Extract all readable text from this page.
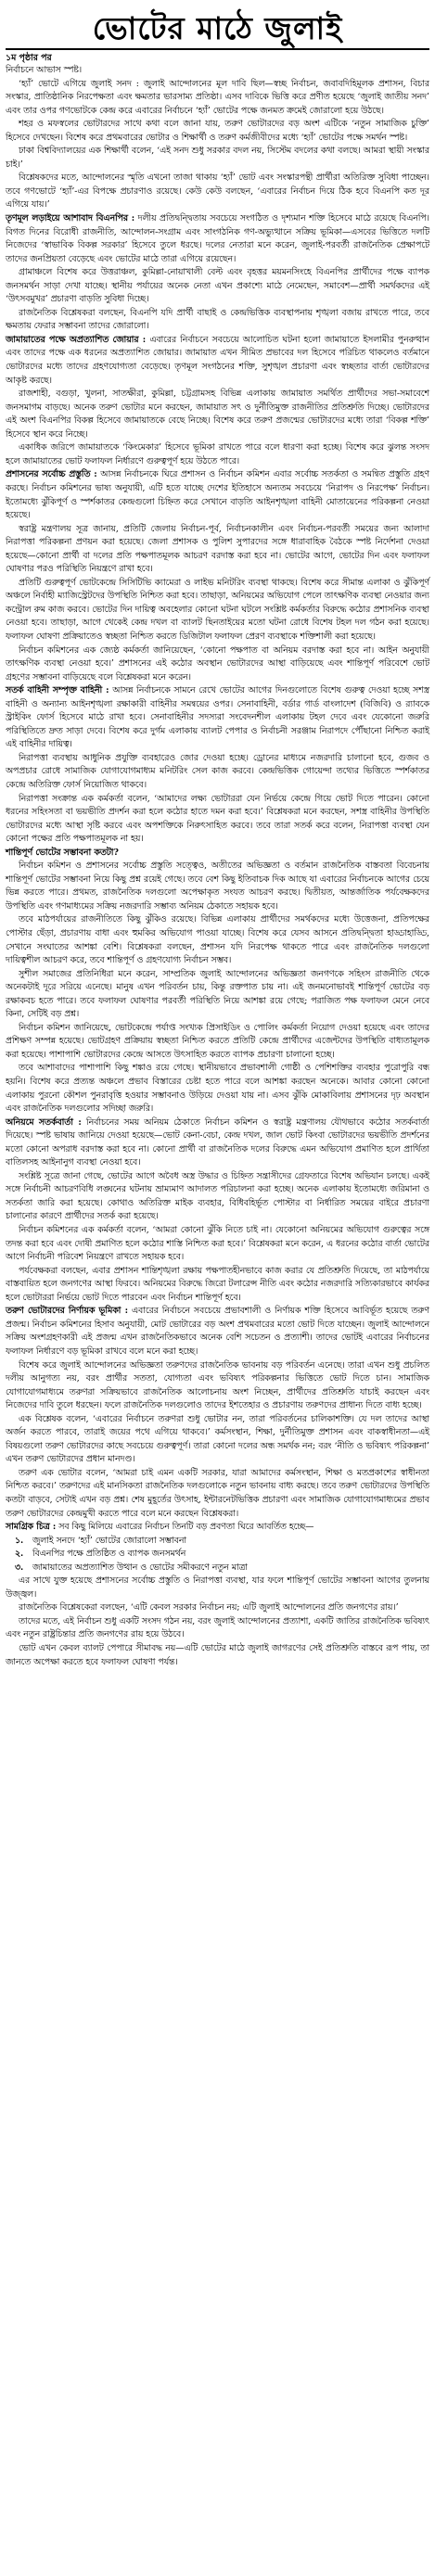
ভোটের মাঠে জুলাই
১ম পৃষ্ঠার পর

নির্বাচনে আভাস স্পষ্ট।

‘হ্যাঁ’ ভোটে এগিয়ে জুলাই সনদ : জুলাই আন্দোলনের মূল দাবি ছিল—স্বচ্ছ নির্বাচন, জবাবদিহিমূলক প্রশাসন, বিচার সংস্কার, প্রাতিষ্ঠানিক নিরপেক্ষতা এবং ক্ষমতার ভারসাম্য প্রতিষ্ঠা। এসব দাবিকে ভিত্তি করে প্রণীত হয়েছে ‘জুলাই জাতীয় সনদ’ এবং তার ওপর গণভোটকে কেন্দ্র করে এবারের নির্বাচনে ‘হ্যাঁ’ ভোটের পক্ষে জনমত ক্রমেই জোরালো হয়ে উঠছে।

শহর ও মফস্বলের ভোটারদের সাথে কথা বলে জানা যায়, তরুণ ভোটারদের বড় অংশ এটিকে ‘নতুন সামাজিক চুক্তি’ হিসেবে দেখছেন। বিশেষ করে প্রথমবারের ভোটার ও শিক্ষার্থী ও তরুণ কর্মজীবীদের মধ্যে ‘হ্যাঁ’ ভোটের পক্ষে সমর্থন স্পষ্ট।

ঢাকা বিশ্ববিদ্যালয়ের এক শিক্ষার্থী বলেন, ‘এই সনদ শুধু সরকার বদল নয়, সিস্টেম বদলের কথা বলছে। আমরা স্থায়ী সংস্কার চাই।’

বিশ্লেষকদের মতে, আন্দোলনের স্মৃতি এখনো তাজা থাকায় ‘হ্যাঁ’ ভোট এবং সংস্কারপন্থী প্রার্থীরা অতিরিক্ত সুবিধা পাচ্ছেন। তবে গণভোটে ‘হ্যাঁ’-এর বিপক্ষে প্রচারণাও রয়েছে। কেউ কেউ বলছেন, ‘এবারের নির্বাচন দিয়ে ঠিক হবে বিএনপি কত দূর এগিয়ে যায়।’

তৃণমূল লড়াইয়ে আশাবাদ বিএনপির : দলীয় প্রতিদ্বন্দ্বিতায় সবচেয়ে সংগঠিত ও দৃশ্যমান শক্তি হিসেবে মাঠে রয়েছে বিএনপি। বিগত দিনের বিরোধী রাজনীতি, আন্দোলন-সংগ্রাম এবং সাংগঠনিক গণ-অভ্যুত্থানে সক্রিয় ভূমিকা—এসবের ভিত্তিতে দলটি নিজেদের ‘স্বাভাবিক বিকল্প সরকার’ হিসেবে তুলে ধরছে। দলের নেতারা মনে করেন, জুলাই-পরবর্তী রাজনৈতিক প্রেক্ষাপটে তাদের জনপ্রিয়তা বেড়েছে এবং ভোটের মাঠে তারা এগিয়ে রয়েছেন।

গ্রামাঞ্চলে বিশেষ করে উত্তরাঞ্চল, কুমিল্লা-নোয়াখালী বেল্ট এবং বৃহত্তর ময়মনসিংহে বিএনপির প্রার্থীদের পক্ষে ব্যাপক জনসমর্থন সাড়া দেখা যাচ্ছে। স্থানীয় পর্যায়ের অনেক নেতা এখন প্রকাশ্যে মাঠে নেমেছেন, সমাবেশ—প্রার্থী সমর্থকদের এই ‘উৎসবমুখর’ প্রচারণা বাড়তি সুবিধা দিচ্ছে।

রাজনৈতিক বিশ্লেষকরা বলছেন, বিএনপি যদি প্রার্থী বাছাই ও কেন্দ্রভিত্তিক ব্যবস্থাপনায় শৃঙ্খলা বজায় রাখতে পারে, তবে ক্ষমতায় ফেরার সম্ভাবনা তাদের জোরালো।

জামায়াতের পক্ষে অপ্রত্যাশিত জোয়ার : এবারের নির্বাচনে সবচেয়ে আলোচিত ঘটনা হলো জামায়াতে ইসলামীর পুনরুত্থান এবং তাদের পক্ষে এক ধরনের অপ্রত্যাশিত জোয়ার। জামায়াত এখন সীমিত প্রভাবের দল হিসেবে পরিচিত থাকলেও বর্তমানে ভোটারদের মধ্যে তাদের গ্রহণযোগ্যতা বেড়েছে। তৃণমূল সংগঠনের শক্তি, সুশৃঙ্খল প্রচারণা এবং স্বচ্ছতার বার্তা ভোটারদের আকৃষ্ট করছে।

রাজশাহী, বগুড়া, খুলনা, সাতক্ষীরা, কুমিল্লা, চট্টগ্রামসহ বিভিন্ন এলাকায় জামায়াত সমর্থিত প্রার্থীদের সভা-সমাবেশে জনসমাগম বাড়ছে। অনেক তরুণ ভোটার মনে করছেন, জামায়াত সৎ ও দুর্নীতিমুক্ত রাজনীতির প্রতিশ্রুতি দিচ্ছে। ভোটারদের এই অংশ বিএনপির বিকল্প হিসেবে জামায়াতকে বেছে নিচ্ছে। বিশেষ করে তরুণ প্রজন্মের ভোটারদের মধ্যে তারা ‘বিকল্প শক্তি’ হিসেবে স্থান করে নিচ্ছে।

একাধিক জরিপে জামায়াতকে ‘কিংমেকার’ হিসেবে ভূমিকা রাখতে পারে বলে ধারণা করা হচ্ছে। বিশেষ করে ঝুলন্ত সংসদ হলে জামায়াতের ভোট ফলাফল নির্ধারণে গুরুত্বপূর্ণ হয়ে উঠতে পারে।

প্রশাসনের সর্বোচ্চ প্রস্তুতি : আসন্ন নির্বাচনকে ঘিরে প্রশাসন ও নির্বাচন কমিশন এবার সর্বোচ্চ সতর্কতা ও সমন্বিত প্রস্তুতি গ্রহণ করছে। নির্বাচন কমিশনের ভাষ্য অনুযায়ী, এটি হতে যাচ্ছে দেশের ইতিহাসে অন্যতম সবচেয়ে ‘নিরাপদ ও নিরপেক্ষ’ নির্বাচন। ইতোমধ্যে ঝুঁকিপূর্ণ ও স্পর্শকাতর কেন্দ্রগুলো চিহ্নিত করে সেখানে বাড়তি আইনশৃঙ্খলা বাহিনী মোতায়েনের পরিকল্পনা নেওয়া হয়েছে।

স্বরাষ্ট্র মন্ত্রণালয় সূত্র জানায়, প্রতিটি জেলায় নির্বাচন-পূর্ব, নির্বাচনকালীন এবং নির্বাচন-পরবর্তী সময়ের জন্য আলাদা নিরাপত্তা পরিকল্পনা প্রণয়ন করা হয়েছে। জেলা প্রশাসক ও পুলিশ সুপারদের সঙ্গে ধারাবাহিক বৈঠকে স্পষ্ট নির্দেশনা দেওয়া হয়েছে—কোনো প্রার্থী বা দলের প্রতি পক্ষপাতমূলক আচরণ বরদাস্ত করা হবে না। ভোটের আগে, ভোটের দিন এবং ফলাফল ঘোষণার পরও পরিস্থিতি নিয়ন্ত্রণে রাখা হবে।

প্রতিটি গুরুত্বপূর্ণ ভোটকেন্দ্রে সিসিটিভি ক্যামেরা ও লাইভ মনিটরিং ব্যবস্থা থাকছে। বিশেষ করে সীমান্ত এলাকা ও ঝুঁকিপূর্ণ অঞ্চলে নির্বাহী ম্যাজিস্ট্রেটদের উপস্থিতি নিশ্চিত করা হবে। তাছাড়া, অনিয়মের অভিযোগ পেলে তাৎক্ষণিক ব্যবস্থা নেওয়ার জন্য কন্ট্রোল রুম কাজ করবে। ভোটের দিন দায়িত্ব অবহেলার কোনো ঘটনা ঘটলে সংশ্লিষ্ট কর্মকর্তার বিরুদ্ধে কঠোর প্রশাসনিক ব্যবস্থা নেওয়া হবে। তাছাড়া, আগে থেকেই কেন্দ্র দখল বা ব্যালট ছিনতাইয়ের মতো ঘটনা রোধে বিশেষ টহল দল গঠন করা হয়েছে। ফলাফল ঘোষণা প্রক্রিয়াতেও স্বচ্ছতা নিশ্চিত করতে ডিজিটাল ফলাফল প্রেরণ ব্যবস্থাকে শক্তিশালী করা হয়েছে।

নির্বাচন কমিশনের এক জ্যেষ্ঠ কর্মকর্তা জানিয়েছেন, ‘কোনো পক্ষপাত বা অনিয়ম বরদাস্ত করা হবে না। আইন অনুযায়ী তাৎক্ষণিক ব্যবস্থা নেওয়া হবে।’ প্রশাসনের এই কঠোর অবস্থান ভোটারদের আস্থা বাড়িয়েছে এবং শান্তিপূর্ণ পরিবেশে ভোট গ্রহণের সম্ভাবনা বাড়িয়েছে বলে বিশ্লেষকরা মনে করেন।

সতর্ক বাহিনী সম্পৃক্ত বাহিনী : আসন্ন নির্বাচনকে সামনে রেখে ভোটের আগের দিনগুলোতে বিশেষ গুরুত্ব দেওয়া হচ্ছে সশস্ত্র বাহিনী ও অন্যান্য আইনশৃঙ্খলা রক্ষাকারী বাহিনীর সমন্বয়ের ওপর। সেনাবাহিনী, বর্ডার গার্ড বাংলাদেশ (বিজিবি) ও র‍্যাবকে স্ট্রাইকিং ফোর্স হিসেবে মাঠে রাখা হবে। সেনাবাহিনীর সদস্যরা সংবেদনশীল এলাকায় টহল দেবে এবং যেকোনো জরুরি পরিস্থিতিতে দ্রুত সাড়া দেবে। বিশেষ করে দুর্গম এলাকায় ব্যালট পেপার ও নির্বাচনী সরঞ্জাম নিরাপদে পৌঁছানো নিশ্চিত করাই এই বাহিনীর দায়িত্ব।

নিরাপত্তা ব্যবস্থায় আধুনিক প্রযুক্তি ব্যবহারেও জোর দেওয়া হচ্ছে। ড্রোনের মাধ্যমে নজরদারি চালানো হবে, গুজব ও অপপ্রচার রোধে সামাজিক যোগাযোগমাধ্যম মনিটরিং সেল কাজ করবে। কেন্দ্রভিত্তিক গোয়েন্দা তথ্যের ভিত্তিতে স্পর্শকাতর কেন্দ্রে অতিরিক্ত ফোর্স নিয়োজিত থাকবে।

নিরাপত্তা সংক্রান্ত এক কর্মকর্তা বলেন, ‘আমাদের লক্ষ্য ভোটাররা যেন নির্ভয়ে কেন্দ্রে গিয়ে ভোট দিতে পারেন। কোনো ধরনের সহিংসতা বা ভয়ভীতি প্রদর্শন করা হলে কঠোর হাতে দমন করা হবে।’ বিশ্লেষকরা মনে করছেন, সশস্ত্র বাহিনীর উপস্থিতি ভোটারদের মধ্যে আস্থা সৃষ্টি করবে এবং অপশক্তিকে নিরুৎসাহিত করবে। তবে তারা সতর্ক করে বলেন, নিরাপত্তা ব্যবস্থা যেন কোনো পক্ষের প্রতি পক্ষপাতমূলক না হয়।

শান্তিপূর্ণ ভোটের সম্ভাবনা কতটা?

নির্বাচন কমিশন ও প্রশাসনের সর্বোচ্চ প্রস্তুতি সত্ত্বেও, অতীতের অভিজ্ঞতা ও বর্তমান রাজনৈতিক বাস্তবতা বিবেচনায় শান্তিপূর্ণ ভোটের সম্ভাবনা নিয়ে কিছু প্রশ্ন রয়েই গেছে। তবে বেশ কিছু ইতিবাচক দিক আছে যা এবারের নির্বাচনকে আগের চেয়ে ভিন্ন করতে পারে। প্রথমত, রাজনৈতিক দলগুলো অপেক্ষাকৃত সংযত আচরণ করছে। দ্বিতীয়ত, আন্তর্জাতিক পর্যবেক্ষকদের উপস্থিতি এবং গণমাধ্যমের সক্রিয় নজরদারি সম্ভাব্য অনিয়ম ঠেকাতে সহায়ক হবে।

তবে মাঠপর্যায়ের রাজনীতিতে কিছু ঝুঁকিও রয়েছে। বিভিন্ন এলাকায় প্রার্থীদের সমর্থকদের মধ্যে উত্তেজনা, প্রতিপক্ষের পোস্টার ছেঁড়া, প্রচারণায় বাধা এবং হুমকির অভিযোগ পাওয়া যাচ্ছে। বিশেষ করে যেসব আসনে প্রতিদ্বন্দ্বিতা হাড্ডাহাড্ডি, সেখানে সংঘাতের আশঙ্কা বেশি। বিশ্লেষকরা বলছেন, প্রশাসন যদি নিরপেক্ষ থাকতে পারে এবং রাজনৈতিক দলগুলো দায়িত্বশীল আচরণ করে, তবে শান্তিপূর্ণ ও গ্রহণযোগ্য নির্বাচন সম্ভব।

সুশীল সমাজের প্রতিনিধিরা মনে করেন, সাম্প্রতিক জুলাই আন্দোলনের অভিজ্ঞতা জনগণকে সহিংস রাজনীতি থেকে অনেকটাই দূরে সরিয়ে এনেছে। মানুষ এখন পরিবর্তন চায়, কিন্তু রক্তপাত চায় না। এই জনমনোভাবই শান্তিপূর্ণ ভোটের বড় রক্ষাকবচ হতে পারে। তবে ফলাফল ঘোষণার পরবর্তী পরিস্থিতি নিয়ে আশঙ্কা রয়ে গেছে; পরাজিত পক্ষ ফলাফল মেনে নেবে কিনা, সেটিই বড় প্রশ্ন।

নির্বাচন কমিশন জানিয়েছে, ভোটকেন্দ্রে পর্যাপ্ত সংখ্যক প্রিসাইডিং ও পোলিং কর্মকর্তা নিয়োগ দেওয়া হয়েছে এবং তাদের প্রশিক্ষণ সম্পন্ন হয়েছে। ভোটগ্রহণ প্রক্রিয়ায় স্বচ্ছতা নিশ্চিত করতে প্রতিটি কেন্দ্রে প্রার্থীদের এজেন্টদের উপস্থিতি বাধ্যতামূলক করা হয়েছে। পাশাপাশি ভোটারদের কেন্দ্রে আসতে উৎসাহিত করতে ব্যাপক প্রচারণা চালানো হচ্ছে।

তবে আশাবাদের পাশাপাশি কিছু শঙ্কাও রয়ে গেছে। স্থানীয়ভাবে প্রভাবশালী গোষ্ঠী ও পেশিশক্তির ব্যবহার পুরোপুরি বন্ধ হয়নি। বিশেষ করে প্রত্যন্ত অঞ্চলে প্রভাব বিস্তারের চেষ্টা হতে পারে বলে আশঙ্কা করছেন অনেকে। আবার কোনো কোনো এলাকায় পুরনো কৌশল পুনরাবৃত্তি হওয়ার সম্ভাবনাও উড়িয়ে দেওয়া যায় না। এসব ঝুঁকি মোকাবিলায় প্রশাসনের দৃঢ় অবস্থান এবং রাজনৈতিক দলগুলোর সদিচ্ছা জরুরি।

অনিয়মে সতর্কবার্তা : নির্বাচনের সময় অনিয়ম ঠেকাতে নির্বাচন কমিশন ও স্বরাষ্ট্র মন্ত্রণালয় যৌথভাবে কঠোর সতর্কবার্তা দিয়েছে। স্পষ্ট ভাষায় জানিয়ে দেওয়া হয়েছে—ভোট কেনা-বেচা, কেন্দ্র দখল, জাল ভোট কিংবা ভোটারদের ভয়ভীতি প্রদর্শনের মতো কোনো অপরাধ বরদাস্ত করা হবে না। কোনো প্রার্থী বা রাজনৈতিক দলের বিরুদ্ধে এমন অভিযোগ প্রমাণিত হলে প্রার্থিতা বাতিলসহ আইনানুগ ব্যবস্থা নেওয়া হবে।

সংশ্লিষ্ট সূত্রে জানা গেছে, ভোটের আগে অবৈধ অস্ত্র উদ্ধার ও চিহ্নিত সন্ত্রাসীদের গ্রেফতারে বিশেষ অভিযান চলছে। একই সঙ্গে নির্বাচনী আচরণবিধি লঙ্ঘনের ঘটনায় ভ্রাম্যমাণ আদালত পরিচালনা করা হচ্ছে। অনেক এলাকায় ইতোমধ্যে জরিমানা ও সতর্কতা জারি করা হয়েছে। কোথাও অতিরিক্ত মাইক ব্যবহার, বিধিবহির্ভূত পোস্টার বা নির্ধারিত সময়ের বাইরে প্রচারণা চালানোর কারণে প্রার্থীদের সতর্ক করা হয়েছে।

নির্বাচন কমিশনের এক কর্মকর্তা বলেন, ‘আমরা কোনো ঝুঁকি নিতে চাই না। যেকোনো অনিয়মের অভিযোগ গুরুত্বের সঙ্গে তদন্ত করা হবে এবং দোষী প্রমাণিত হলে কঠোর শাস্তি নিশ্চিত করা হবে।’ বিশ্লেষকরা মনে করেন, এ ধরনের কঠোর বার্তা ভোটের আগে নির্বাচনী পরিবেশ নিয়ন্ত্রণে রাখতে সহায়ক হবে।

পর্যবেক্ষকরা বলছেন, এবার প্রশাসন শান্তিশৃঙ্খলা রক্ষায় পক্ষপাতহীনভাবে কাজ করার যে প্রতিশ্রুতি দিয়েছে, তা মাঠপর্যায়ে বাস্তবায়িত হলে জনগণের আস্থা ফিরবে। অনিয়মের বিরুদ্ধে জিরো টলারেন্স নীতি এবং কঠোর নজরদারি সত্যিকারভাবে কার্যকর হলে ভোটাররা নির্ভয়ে ভোট দিতে পারবেন এবং নির্বাচন শান্তিপূর্ণ হবে।

তরুণ ভোটারদের নির্ণায়ক ভূমিকা : এবারের নির্বাচনে সবচেয়ে প্রভাবশালী ও নির্ণায়ক শক্তি হিসেবে আবির্ভূত হয়েছে তরুণ প্রজন্ম। নির্বাচন কমিশনের হিসাব অনুযায়ী, মোট ভোটারের বড় অংশ প্রথমবারের মতো ভোট দিতে যাচ্ছেন। জুলাই আন্দোলনে সক্রিয় অংশগ্রহণকারী এই প্রজন্ম এখন রাজনৈতিকভাবে অনেক বেশি সচেতন ও প্রত্যাশী। তাদের ভোটই এবারের নির্বাচনের ফলাফল নির্ধারণে বড় ভূমিকা রাখবে বলে মনে করা হচ্ছে।

বিশেষ করে জুলাই আন্দোলনের অভিজ্ঞতা তরুণদের রাজনৈতিক ভাবনায় বড় পরিবর্তন এনেছে। তারা এখন শুধু প্রচলিত দলীয় আনুগত্য নয়, বরং প্রার্থীর সততা, যোগ্যতা এবং ভবিষ্যৎ পরিকল্পনার ভিত্তিতে ভোট দিতে চান। সামাজিক যোগাযোগমাধ্যমে তরুণরা সক্রিয়ভাবে রাজনৈতিক আলোচনায় অংশ নিচ্ছেন, প্রার্থীদের প্রতিশ্রুতি যাচাই করছেন এবং নিজেদের দাবি তুলে ধরছেন। ফলে রাজনৈতিক দলগুলোও তাদের ইশতেহার ও প্রচারণায় তরুণদের প্রাধান্য দিতে বাধ্য হচ্ছে।

এক বিশ্লেষক বলেন, ‘এবারের নির্বাচনে তরুণরা শুধু ভোটার নন, তারা পরিবর্তনের চালিকাশক্তি। যে দল তাদের আস্থা অর্জন করতে পারবে, তারাই জয়ের পথে এগিয়ে থাকবে।’ কর্মসংস্থান, শিক্ষা, দুর্নীতিমুক্ত প্রশাসন এবং বাকস্বাধীনতা—এই বিষয়গুলো তরুণ ভোটারদের কাছে সবচেয়ে গুরুত্বপূর্ণ। তারা কোনো দলের অন্ধ সমর্থক নন; বরং ‘নীতি ও ভবিষ্যৎ পরিকল্পনা’ এখন তরুণ ভোটারদের প্রধান মানদণ্ড।

তরুণ এক ভোটার বলেন, ‘আমরা চাই এমন একটি সরকার, যারা আমাদের কর্মসংস্থান, শিক্ষা ও মতপ্রকাশের স্বাধীনতা নিশ্চিত করবে।’ তরুণদের এই মানসিকতা রাজনৈতিক দলগুলোকে নতুন ভাবনায় বাধ্য করছে। তবে তরুণ ভোটারদের উপস্থিতি কতটা বাড়বে, সেটাই এখন বড় প্রশ্ন। শেষ মুহূর্তের উৎসাহ, ইন্টারনেটভিত্তিক প্রচারণা এবং সামাজিক যোগাযোগমাধ্যমের প্রভাব তরুণ ভোটারদের কেন্দ্রমুখী করতে পারে বলে মনে করছেন বিশ্লেষকরা।

সামগ্রিক চিত্র : সব কিছু মিলিয়ে এবারের নির্বাচন তিনটি বড় প্রবণতা ঘিরে আবর্তিত হচ্ছে—

১. জুলাই সনদে ‘হ্যাঁ’ ভোটের জোরালো সম্ভাবনা
২. বিএনপির পক্ষে প্রতিষ্ঠিত ও ব্যাপক জনসমর্থন
৩. জামায়াতের অপ্রত্যাশিত উত্থান ও ভোটের সমীকরণে নতুন মাত্রা

এর সাথে যুক্ত হয়েছে প্রশাসনের সর্বোচ্চ প্রস্তুতি ও নিরাপত্তা ব্যবস্থা, যার ফলে শান্তিপূর্ণ ভোটের সম্ভাবনা আগের তুলনায় উজ্জ্বল।

রাজনৈতিক বিশ্লেষকেরা বলছেন, ‘এটি কেবল সরকার নির্বাচন নয়; এটি জুলাই আন্দোলনের প্রতি জনগণের রায়।’

তাদের মতে, এই নির্বাচন শুধু একটি সংসদ গঠন নয়, বরং জুলাই আন্দোলনের প্রত্যাশা, একটি জাতির রাজনৈতিক ভবিষ্যৎ এবং নতুন রাষ্ট্রচিন্তার প্রতি জনগণের রায় হয়ে উঠবে।

ভোট এখন কেবল ব্যালট পেপারে সীমাবদ্ধ নয়—এটি ভোটের মাঠে জুলাই জাগরণের সেই প্রতিশ্রুতি বাস্তবে রূপ পায়, তা জানতে অপেক্ষা করতে হবে ফলাফল ঘোষণা পর্যন্ত।
